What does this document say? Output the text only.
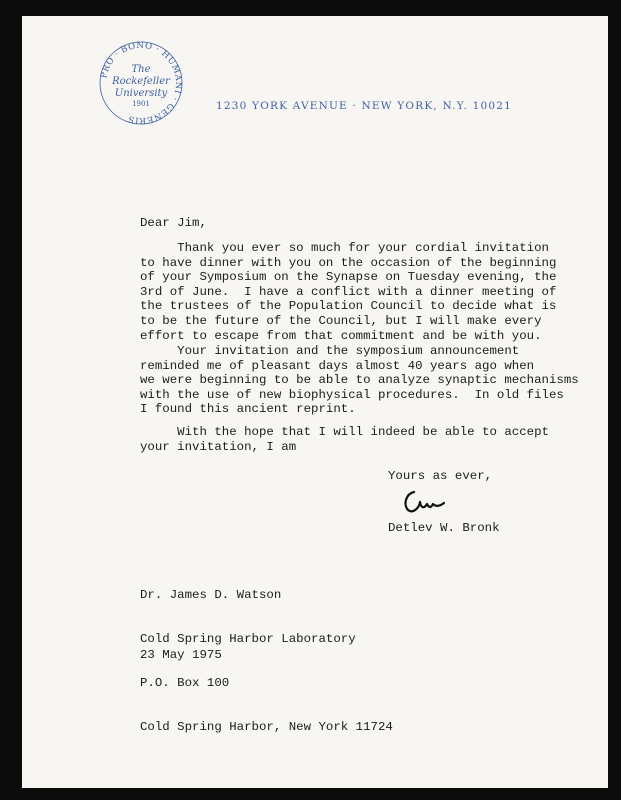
PRO · BONO · HUMANI · GENERIS
The
Rockefeller
University
1901	1230 YORK AVENUE · NEW YORK, N.Y. 10021
Dear Jim,
Thank you ever so much for your cordial invitation
to have dinner with you on the occasion of the beginning
of your Symposium on the Synapse on Tuesday evening, the
3rd of June.  I have a conflict with a dinner meeting of
the trustees of the Population Council to decide what is
to be the future of the Council, but I will make every
effort to escape from that commitment and be with you.
Your invitation and the symposium announcement
reminded me of pleasant days almost 40 years ago when
we were beginning to be able to analyze synaptic mechanisms
with the use of new biophysical procedures.  In old files
I found this ancient reprint.
With the hope that I will indeed be able to accept
your invitation, I am
Yours as ever,
Detlev W. Bronk

Dr. James D. Watson

Cold Spring Harbor Laboratory

P.O. Box 100

Cold Spring Harbor, New York 11724

23 May 1975
